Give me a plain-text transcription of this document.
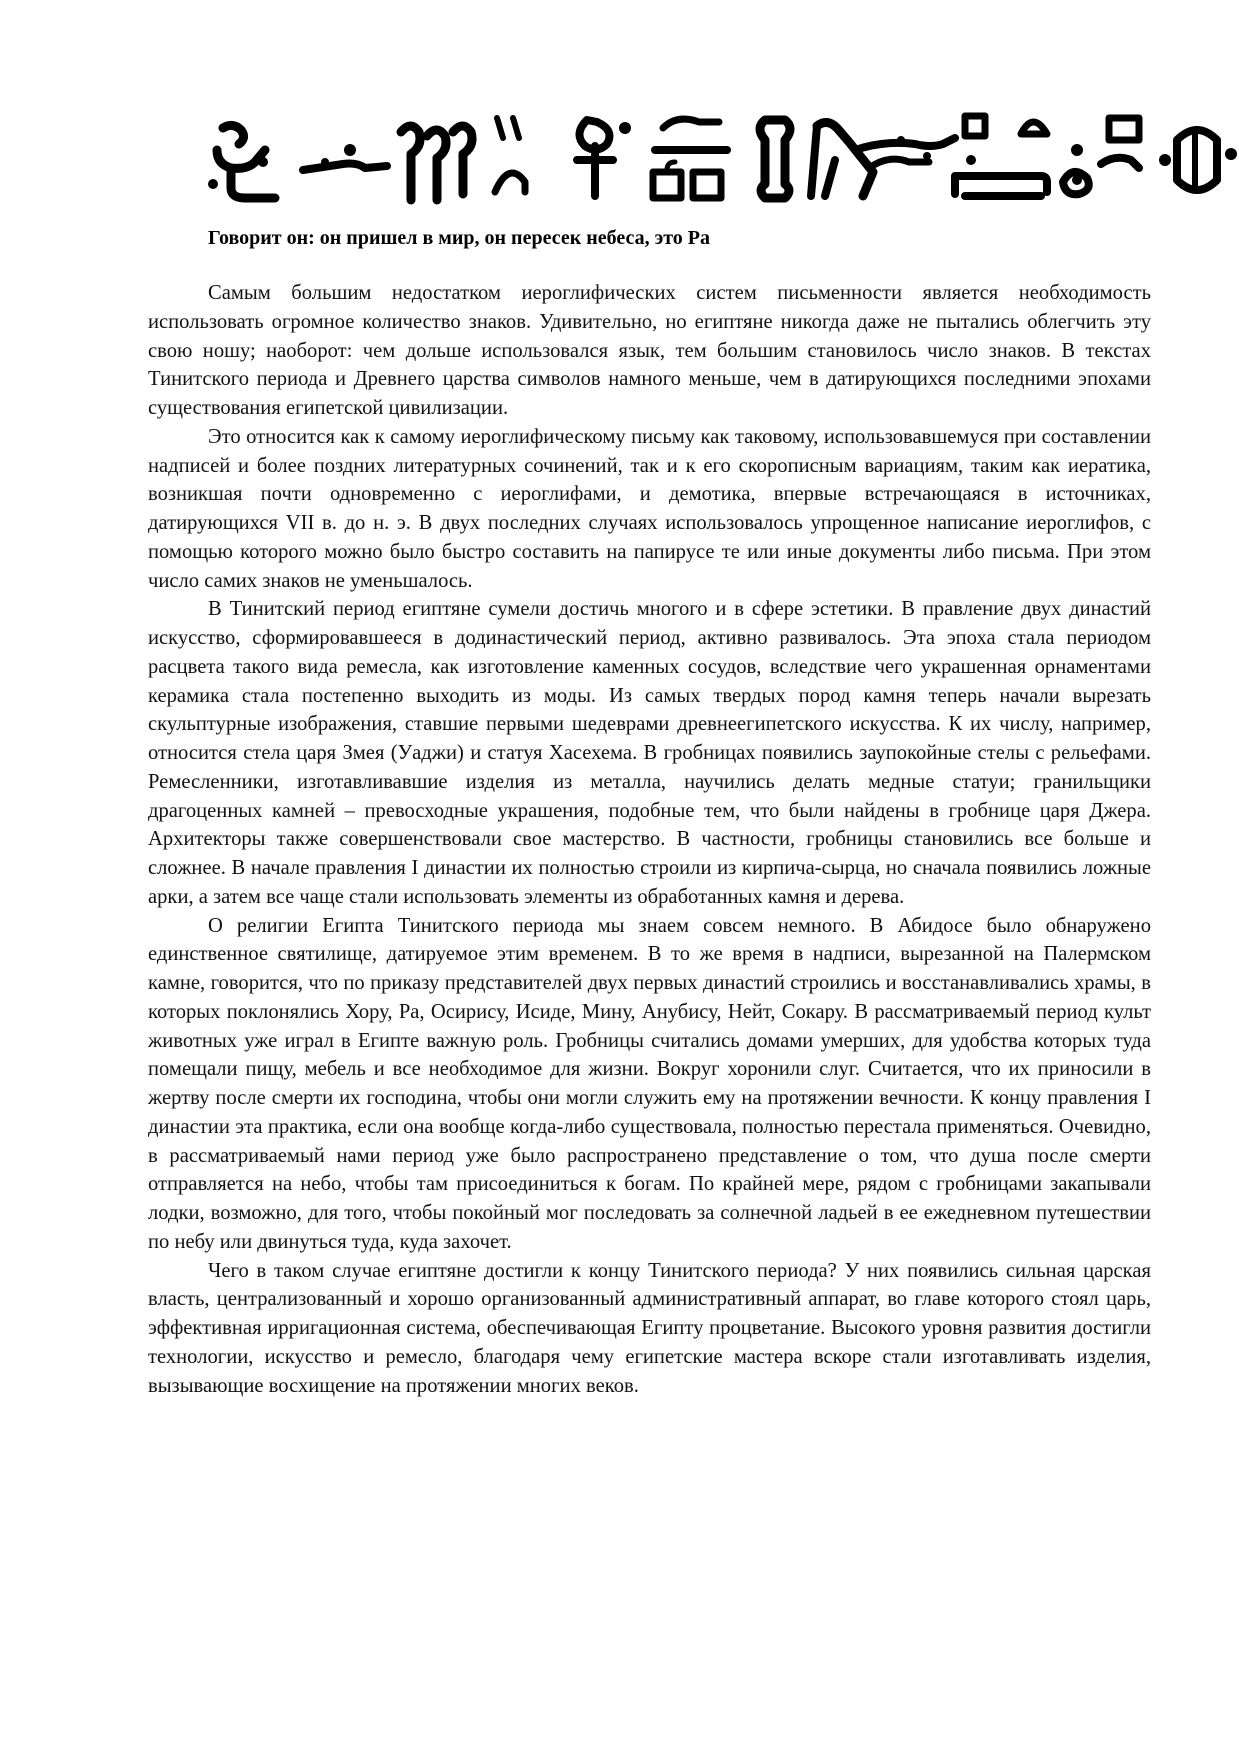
Говорит он: он пришел в мир, он пересек небеса, это Ра

Самым большим недостатком иероглифических систем письменности является необходимость использовать огромное количество знаков. Удивительно, но египтяне никогда даже не пытались облегчить эту свою ношу; наоборот: чем дольше использовался язык, тем большим становилось число знаков. В текстах Тинитского периода и Древнего царства символов намного меньше, чем в датирующихся последними эпохами существования египетской цивилизации.

Это относится как к самому иероглифическому письму как таковому, использовавшемуся при составлении надписей и более поздних литературных сочинений, так и к его скорописным вариациям, таким как иератика, возникшая почти одновременно с иероглифами, и демотика, впервые встречающаяся в источниках, датирующихся VII в. до н. э. В двух последних случаях использовалось упрощенное написание иероглифов, с помощью которого можно было быстро составить на папирусе те или иные документы либо письма. При этом число самих знаков не уменьшалось.

В Тинитский период египтяне сумели достичь многого и в сфере эстетики. В правление двух династий искусство, сформировавшееся в додинастический период, активно развивалось. Эта эпоха стала периодом расцвета такого вида ремесла, как изготовление каменных сосудов, вследствие чего украшенная орнаментами керамика стала постепенно выходить из моды. Из самых твердых пород камня теперь начали вырезать скульптурные изображения, ставшие первыми шедеврами древнеегипетского искусства. К их числу, например, относится стела царя Змея (Уаджи) и статуя Хасехема. В гробницах появились заупокойные стелы с рельефами. Ремесленники, изготавливавшие изделия из металла, научились делать медные статуи; гранильщики драгоценных камней – превосходные украшения, подобные тем, что были найдены в гробнице царя Джера. Архитекторы также совершенствовали свое мастерство. В частности, гробницы становились все больше и сложнее. В начале правления I династии их полностью строили из кирпича-сырца, но сначала появились ложные арки, а затем все чаще стали использовать элементы из обработанных камня и дерева.

О религии Египта Тинитского периода мы знаем совсем немного. В Абидосе было обнаружено единственное святилище, датируемое этим временем. В то же время в надписи, вырезанной на Палермском камне, говорится, что по приказу представителей двух первых династий строились и восстанавливались храмы, в которых поклонялись Хору, Ра, Осирису, Исиде, Мину, Анубису, Нейт, Сокару. В рассматриваемый период культ животных уже играл в Египте важную роль. Гробницы считались домами умерших, для удобства которых туда помещали пищу, мебель и все необходимое для жизни. Вокруг хоронили слуг. Считается, что их приносили в жертву после смерти их господина, чтобы они могли служить ему на протяжении вечности. К концу правления I династии эта практика, если она вообще когда-либо существовала, полностью перестала применяться. Очевидно, в рассматриваемый нами период уже было распространено представление о том, что душа после смерти отправляется на небо, чтобы там присоединиться к богам. По крайней мере, рядом с гробницами закапывали лодки, возможно, для того, чтобы покойный мог последовать за солнечной ладьей в ее ежедневном путешествии по небу или двинуться туда, куда захочет.

Чего в таком случае египтяне достигли к концу Тинитского периода? У них появились сильная царская власть, централизованный и хорошо организованный административный аппарат, во главе которого стоял царь, эффективная ирригационная система, обеспечивающая Египту процветание. Высокого уровня развития достигли технологии, искусство и ремесло, благодаря чему египетские мастера вскоре стали изготавливать изделия, вызывающие восхищение на протяжении многих веков.
